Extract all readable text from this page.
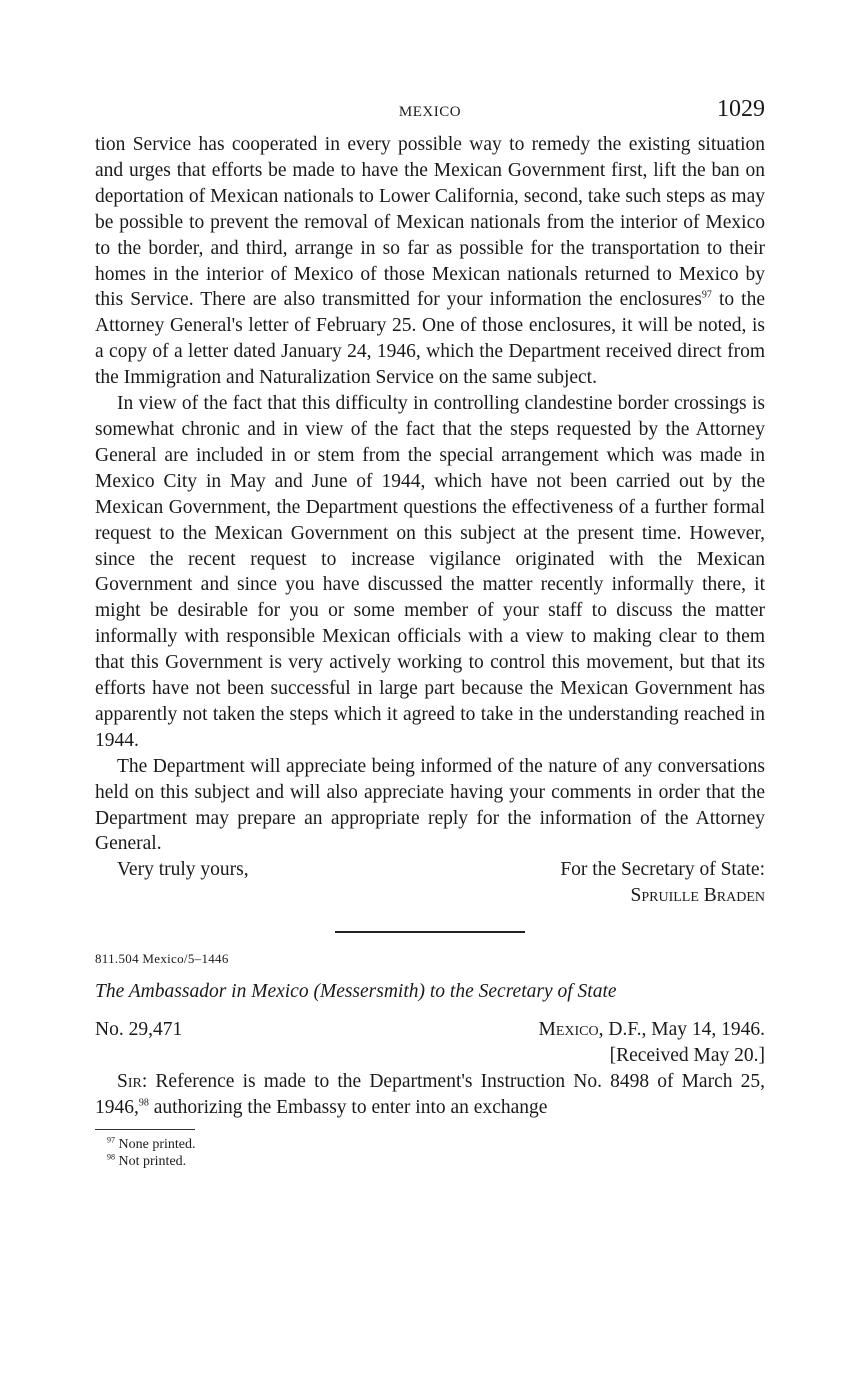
MEXICO	1029

tion Service has cooperated in every possible way to remedy the existing situation and urges that efforts be made to have the Mexican Government first, lift the ban on deportation of Mexican nationals to Lower California, second, take such steps as may be possible to prevent the removal of Mexican nationals from the interior of Mexico to the border, and third, arrange in so far as possible for the transportation to their homes in the interior of Mexico of those Mexican nationals returned to Mexico by this Service. There are also transmitted for your information the enclosures$^{97}$ to the Attorney General's letter of February 25. One of those enclosures, it will be noted, is a copy of a letter dated January 24, 1946, which the Department received direct from the Immigration and Naturalization Service on the same subject.

In view of the fact that this difficulty in controlling clandestine border crossings is somewhat chronic and in view of the fact that the steps requested by the Attorney General are included in or stem from the special arrangement which was made in Mexico City in May and June of 1944, which have not been carried out by the Mexican Government, the Department questions the effectiveness of a further formal request to the Mexican Government on this subject at the present time. However, since the recent request to increase vigilance originated with the Mexican Government and since you have discussed the matter recently informally there, it might be desirable for you or some member of your staff to discuss the matter informally with responsible Mexican officials with a view to making clear to them that this Government is very actively working to control this movement, but that its efforts have not been successful in large part because the Mexican Government has apparently not taken the steps which it agreed to take in the understanding reached in 1944.

The Department will appreciate being informed of the nature of any conversations held on this subject and will also appreciate having your comments in order that the Department may prepare an appropriate reply for the information of the Attorney General.

Very truly yours,	For the Secretary of State:
Spruille Braden
811.504 Mexico/5–1446

The Ambassador in Mexico (Messersmith) to the Secretary of State

No. 29,471	Mexico, D.F., May 14, 1946.
[Received May 20.]

Sir: Reference is made to the Department's Instruction No. 8498 of March 25, 1946,98 authorizing the Embassy to enter into an exchange

$^{97}$ None printed.
$^{98}$ Not printed.
